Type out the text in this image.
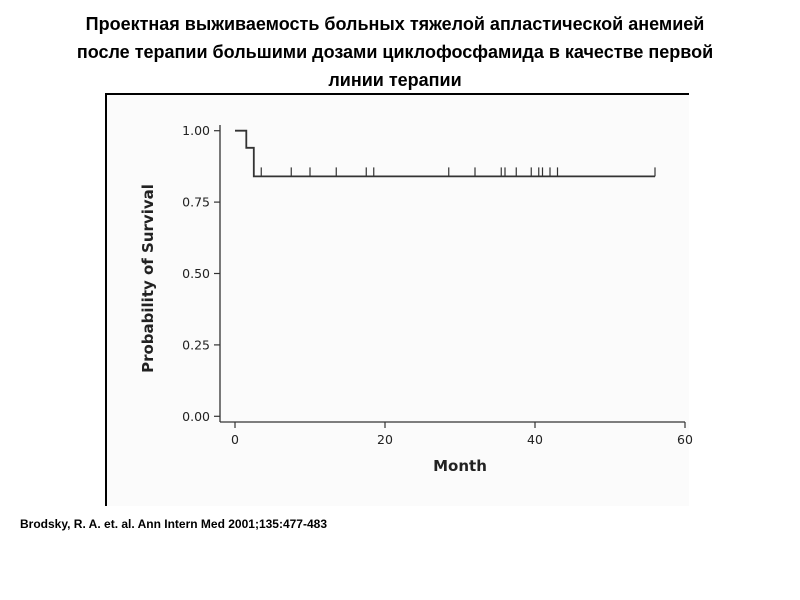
Проектная выживаемость больных тяжелой апластической анемией
после терапии большими дозами циклофосфамида в качестве первой
линии терапии
0.00
0.25
0.50
0.75
1.00
0	20	40	60
Probability of Survival
Month
Brodsky, R. A. et. al. Ann Intern Med 2001;135:477-483
